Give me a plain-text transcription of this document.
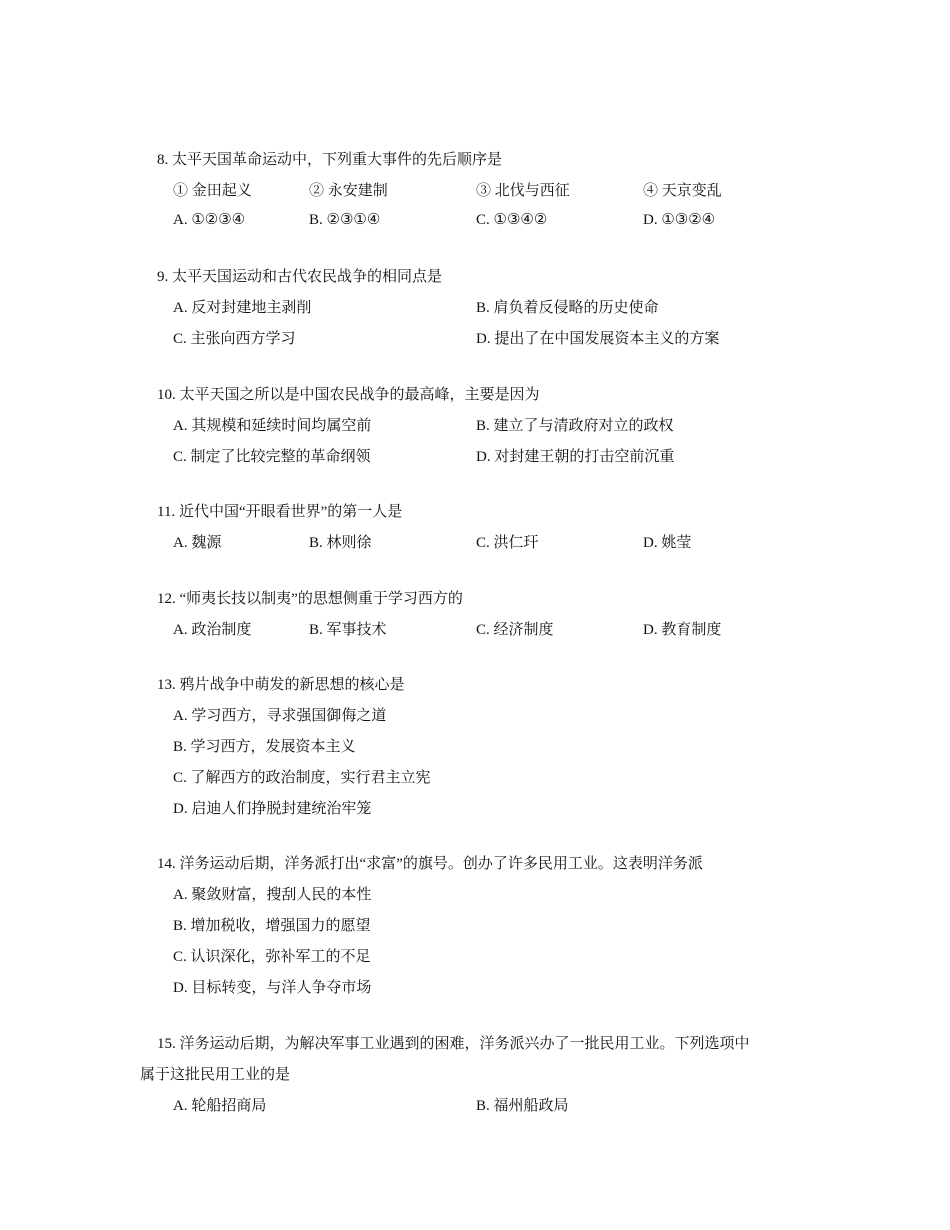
8. 太平天国革命运动中，下列重大事件的先后顺序是
① 金田起义	② 永安建制	③ 北伐与西征	④ 天京变乱
A. ①②③④	B. ②③①④	C. ①③④②	D. ①③②④
9. 太平天国运动和古代农民战争的相同点是
A. 反对封建地主剥削	B. 肩负着反侵略的历史使命
C. 主张向西方学习	D. 提出了在中国发展资本主义的方案
10. 太平天国之所以是中国农民战争的最高峰，主要是因为
A. 其规模和延续时间均属空前	B. 建立了与清政府对立的政权
C. 制定了比较完整的革命纲领	D. 对封建王朝的打击空前沉重
11. 近代中国“开眼看世界”的第一人是
A. 魏源	B. 林则徐	C. 洪仁玕	D. 姚莹
12. “师夷长技以制夷”的思想侧重于学习西方的
A. 政治制度	B. 军事技术	C. 经济制度	D. 教育制度
13. 鸦片战争中萌发的新思想的核心是
A. 学习西方，寻求强国御侮之道
B. 学习西方，发展资本主义
C. 了解西方的政治制度，实行君主立宪
D. 启迪人们挣脱封建统治牢笼
14. 洋务运动后期，洋务派打出“求富”的旗号。创办了许多民用工业。这表明洋务派
A. 聚敛财富，搜刮人民的本性
B. 增加税收，增强国力的愿望
C. 认识深化，弥补军工的不足
D. 目标转变，与洋人争夺市场
15. 洋务运动后期，为解决军事工业遇到的困难，洋务派兴办了一批民用工业。下列选项中
属于这批民用工业的是
A. 轮船招商局	B. 福州船政局
